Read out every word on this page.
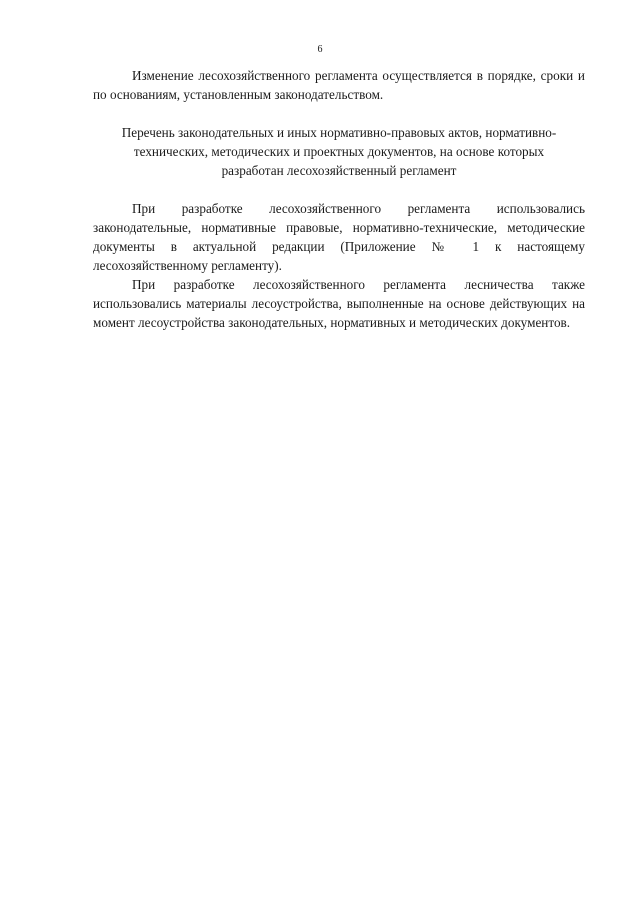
6

Изменение лесохозяйственного регламента осуществляется в порядке, сроки и по основаниям, установленным законодательством.

Перечень законодательных и иных нормативно-правовых актов, нормативно-
технических, методических и проектных документов, на основе которых
разработан лесохозяйственный регламент

При разработке лесохозяйственного регламента использовались законодательные, нормативные правовые, нормативно-технические, методические документы в актуальной редакции (Приложение № 1 к настоящему лесохозяйственному регламенту).

При разработке лесохозяйственного регламента лесничества также использовались материалы лесоустройства, выполненные на основе действующих на момент лесоустройства законодательных, нормативных и методических документов.
